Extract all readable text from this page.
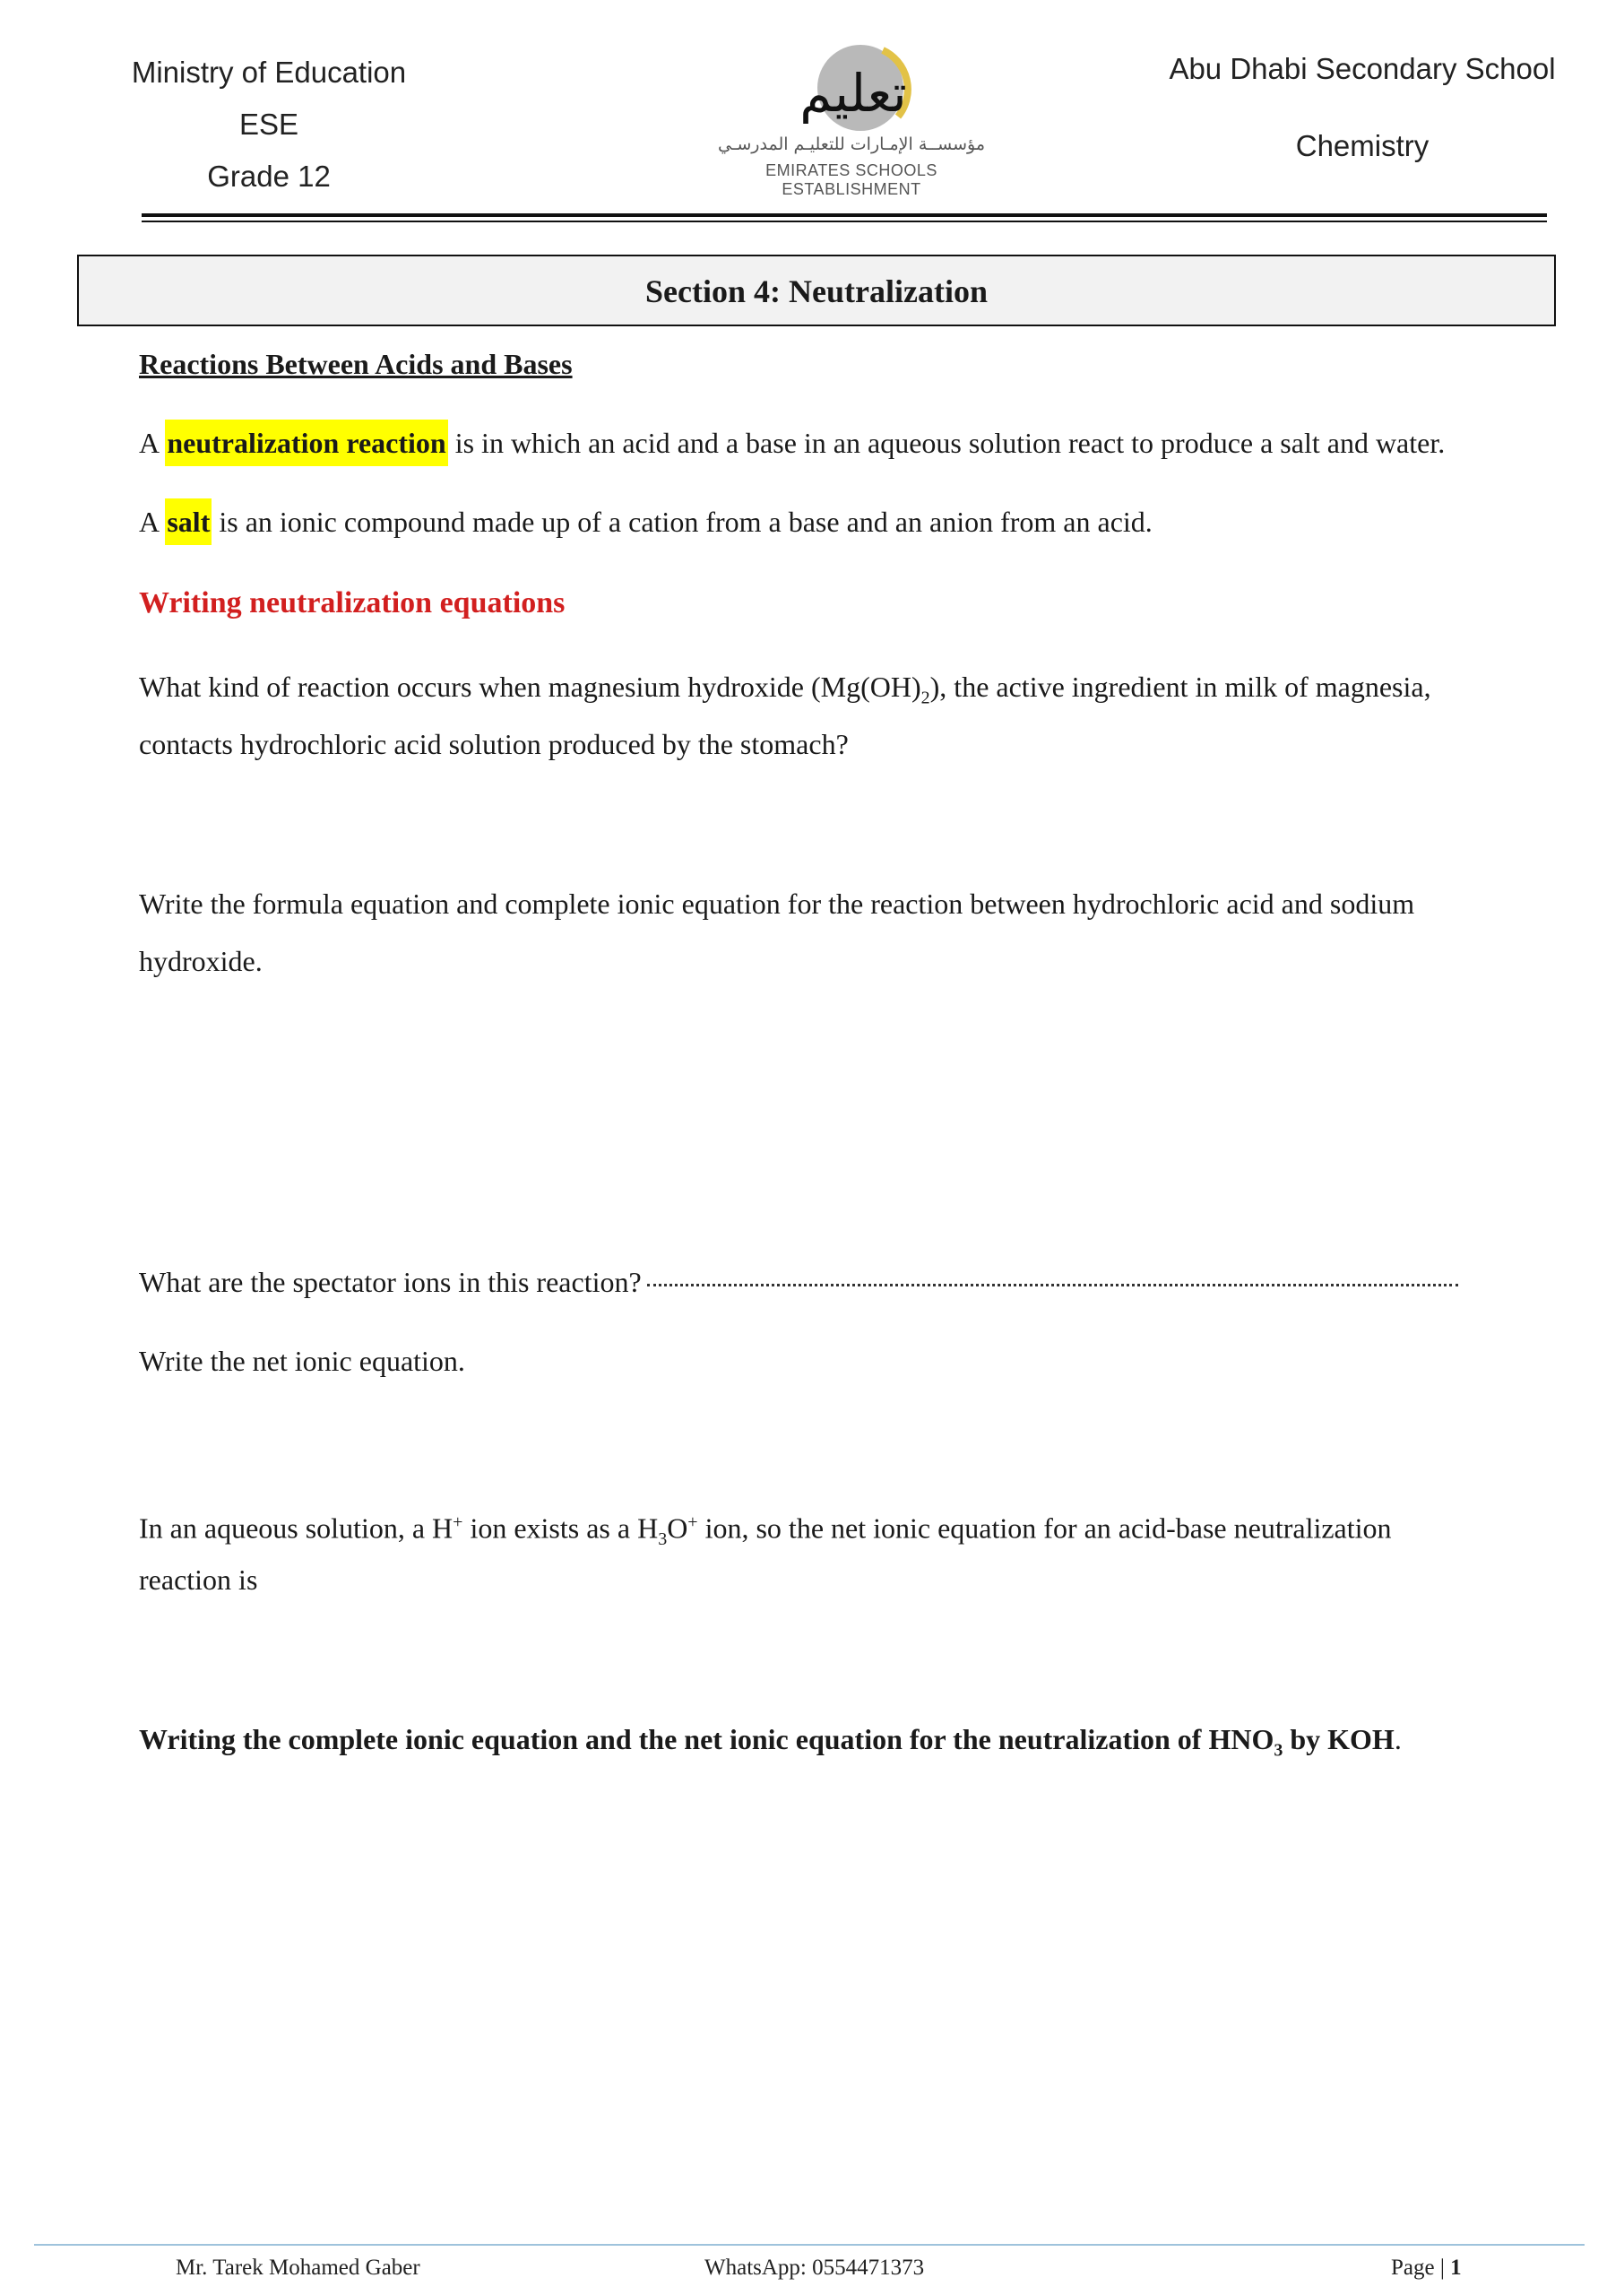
Ministry of Education
ESE
Grade 12
تعليم
مؤسســة الإمـارات للتعليـم المدرسـي
EMIRATES SCHOOLS ESTABLISHMENT
Abu Dhabi Secondary School
Chemistry
Section 4: Neutralization
Reactions Between Acids and Bases
A neutralization reaction is in which an acid and a base in an aqueous solution react to produce a salt and water.
A salt is an ionic compound made up of a cation from a base and an anion from an acid.
Writing neutralization equations
What kind of reaction occurs when magnesium hydroxide $(Mg(OH)_2)$, the active ingredient in milk of magnesia,
contacts hydrochloric acid solution produced by the stomach?
Write the formula equation and complete ionic equation for the reaction between hydrochloric acid and sodium
hydroxide.
What are the spectator ions in this reaction?
Write the net ionic equation.
In an aqueous solution, a H+ ion exists as a $H_3O^+$ ion, so the net ionic equation for an acid-base neutralization
reaction is
Writing the complete ionic equation and the net ionic equation for the neutralization of $HNO_3$ by KOH.
Mr. Tarek Mohamed Gaber	WhatsApp: 0554471373	Page | 1
